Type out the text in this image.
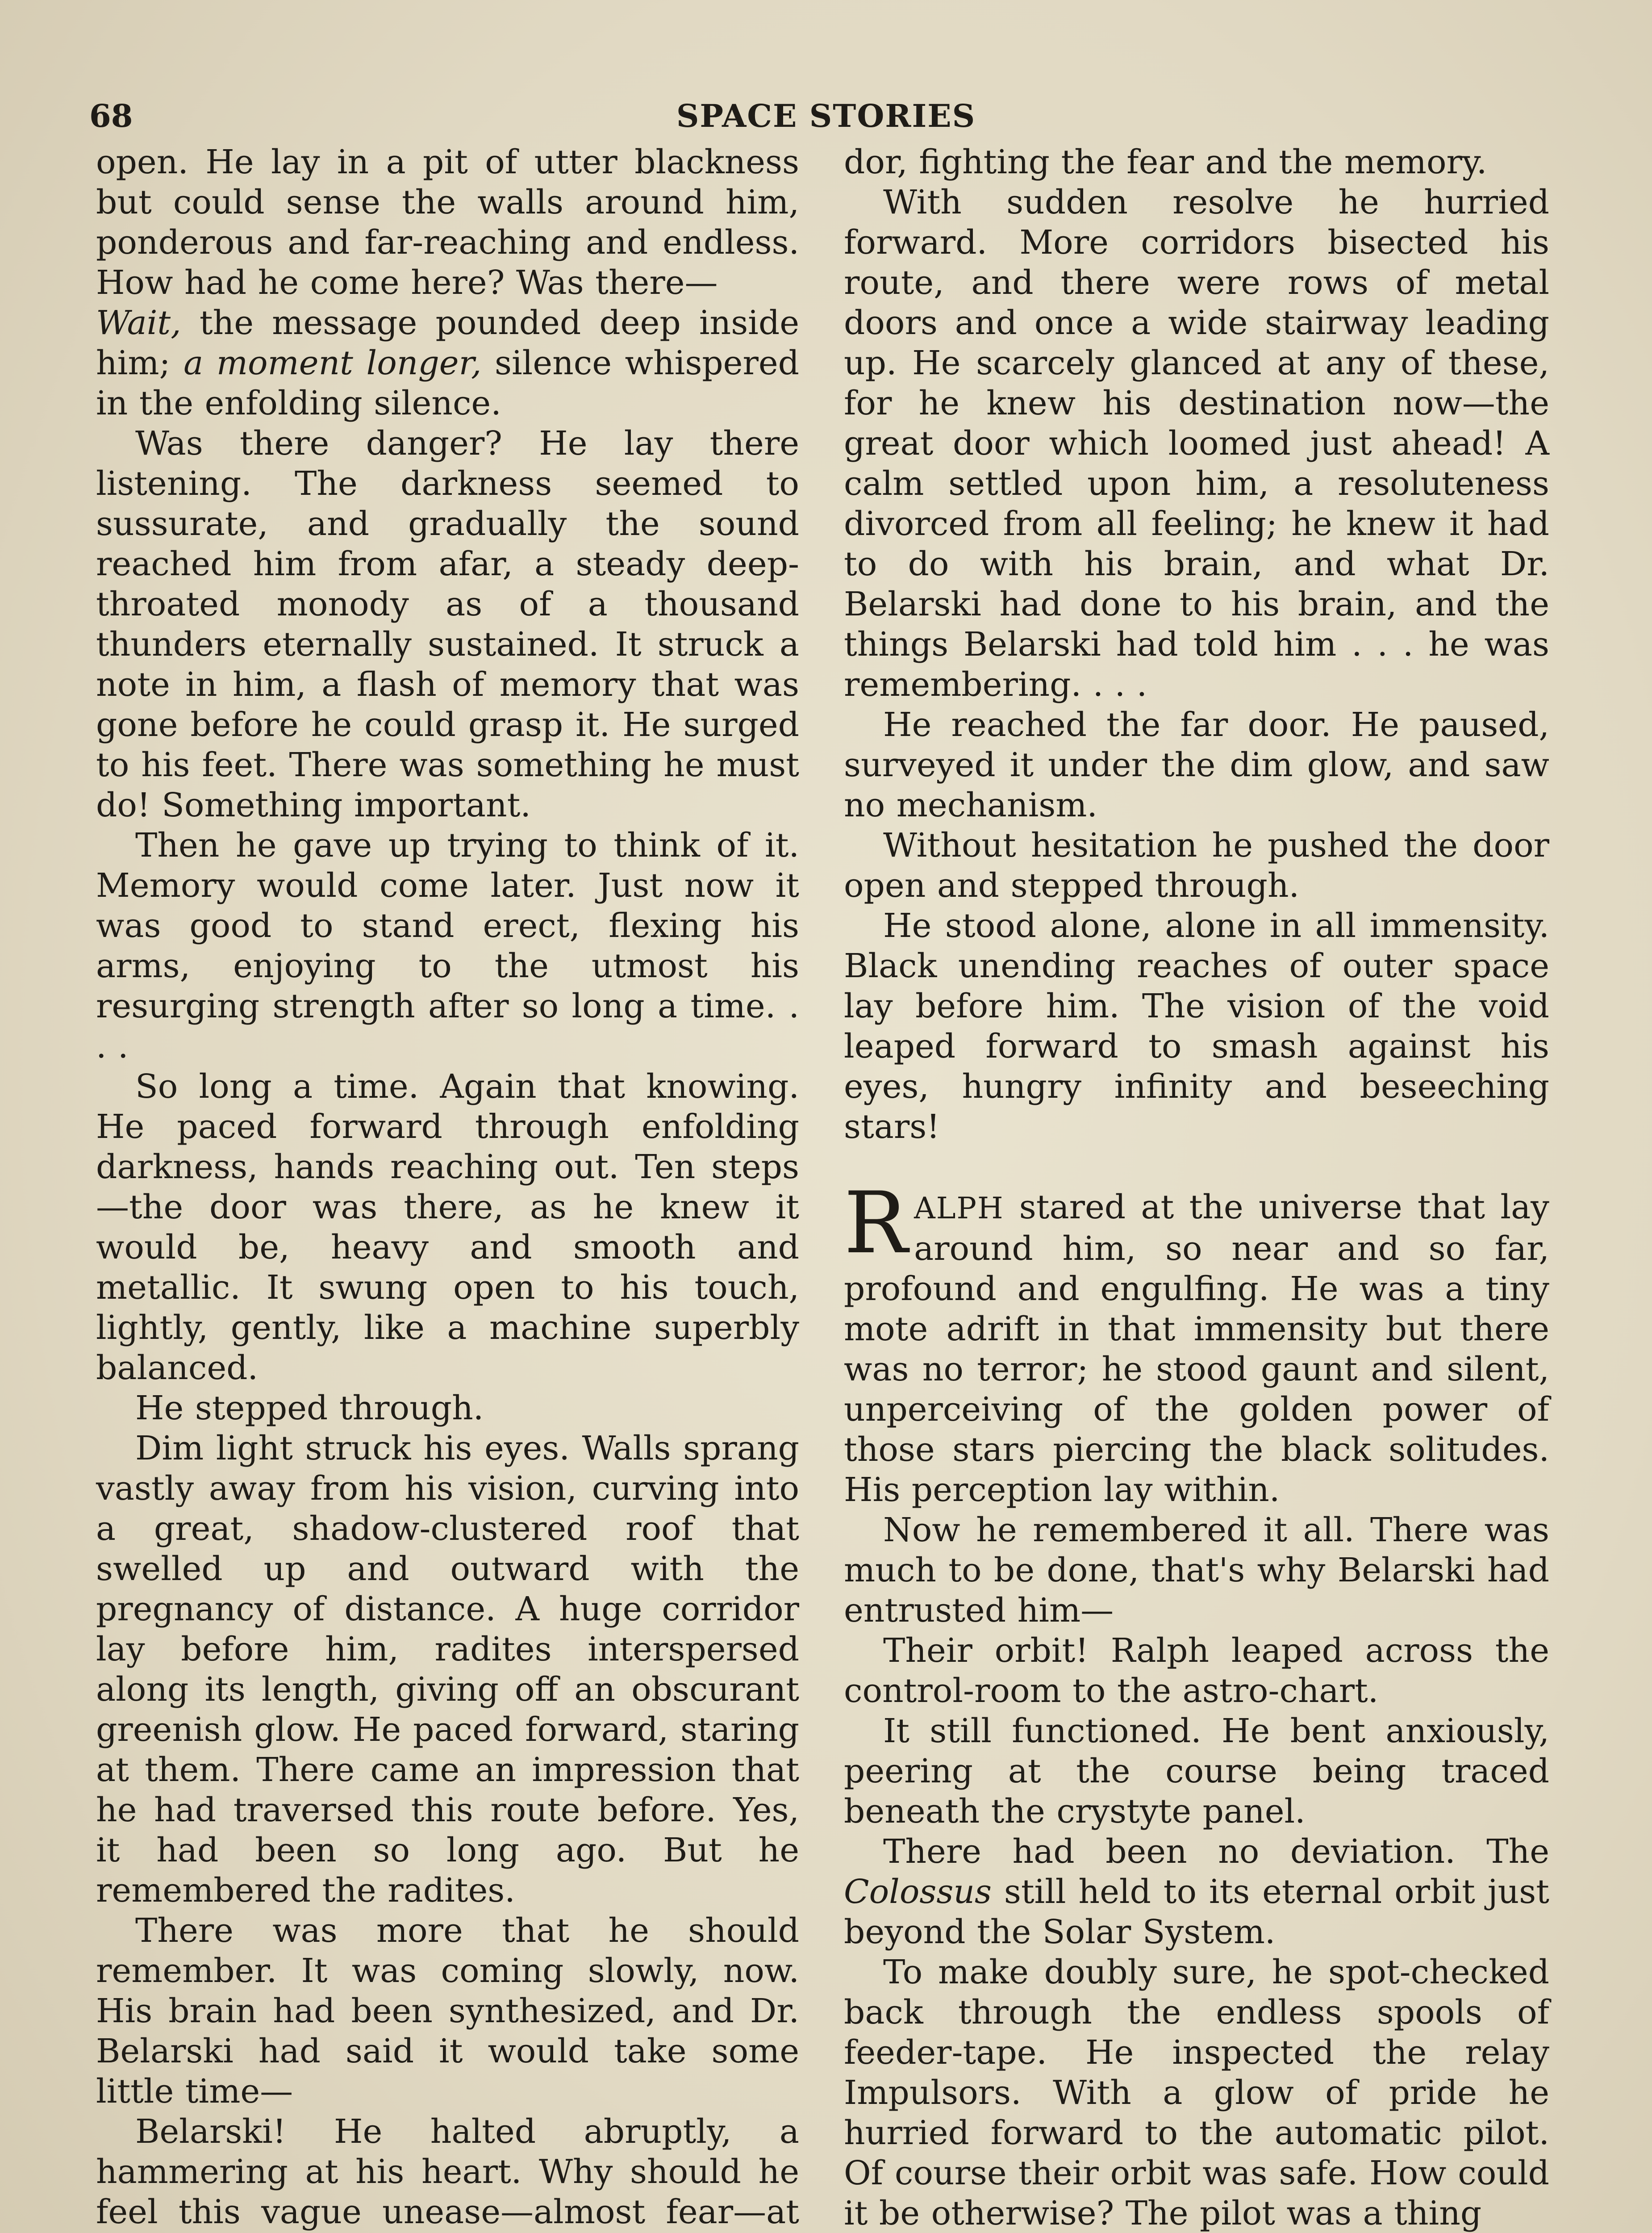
68	SPACE STORIES

open. He lay in a pit of utter blackness but could sense the walls around him, ponderous and far-reaching and endless. How had he come here? Was there—
Wait, the message pounded deep inside him; a moment longer, silence whispered in the enfolding silence.

Was there danger? He lay there listening. The darkness seemed to sussurate, and gradually the sound reached him from afar, a steady deep-throated monody as of a thousand thunders eternally sustained. It struck a note in him, a flash of memory that was gone before he could grasp it. He surged to his feet. There was something he must do! Something important.

Then he gave up trying to think of it. Memory would come later. Just now it was good to stand erect, flexing his arms, enjoying to the utmost his resurging strength after so long a time. . . .

So long a time. Again that knowing. He paced forward through enfolding darkness, hands reaching out. Ten steps—the door was there, as he knew it would be, heavy and smooth and metallic. It swung open to his touch, lightly, gently, like a machine superbly balanced.

He stepped through.

Dim light struck his eyes. Walls sprang vastly away from his vision, curving into a great, shadow-clustered roof that swelled up and outward with the pregnancy of distance. A huge corridor lay before him, radites interspersed along its length, giving off an obscurant greenish glow. He paced forward, staring at them. There came an impression that he had traversed this route before. Yes, it had been so long ago. But he remembered the radites.

There was more that he should remember. It was coming slowly, now. His brain had been synthesized, and Dr. Belarski had said it would take some little time—

Belarski! He halted abruptly, a hammering at his heart. Why should he feel this vague unease—almost fear—at

dor, fighting the fear and the memory.

With sudden resolve he hurried forward. More corridors bisected his route, and there were rows of metal doors and once a wide stairway leading up. He scarcely glanced at any of these, for he knew his destination now—the great door which loomed just ahead! A calm settled upon him, a resoluteness divorced from all feeling; he knew it had to do with his brain, and what Dr. Belarski had done to his brain, and the things Belarski had told him . . . he was remembering. . . .

He reached the far door. He paused, surveyed it under the dim glow, and saw no mechanism.

Without hesitation he pushed the door open and stepped through.

He stood alone, alone in all immensity. Black unending reaches of outer space lay before him. The vision of the void leaped forward to smash against his eyes, hungry infinity and beseeching stars!

RALPH stared at the universe that lay around him, so near and so far, profound and engulfing. He was a tiny mote adrift in that immensity but there was no terror; he stood gaunt and silent, unperceiving of the golden power of those stars piercing the black solitudes. His perception lay within.

Now he remembered it all. There was much to be done, that's why Belarski had entrusted him—

Their orbit! Ralph leaped across the control-room to the astro-chart.

It still functioned. He bent anxiously, peering at the course being traced beneath the crystyte panel.

There had been no deviation. The Colossus still held to its eternal orbit just beyond the Solar System.

To make doubly sure, he spot-checked back through the endless spools of feeder-tape. He inspected the relay Impulsors. With a glow of pride he hurried forward to the automatic pilot. Of course their orbit was safe. How could it be otherwise? The pilot was a thing
